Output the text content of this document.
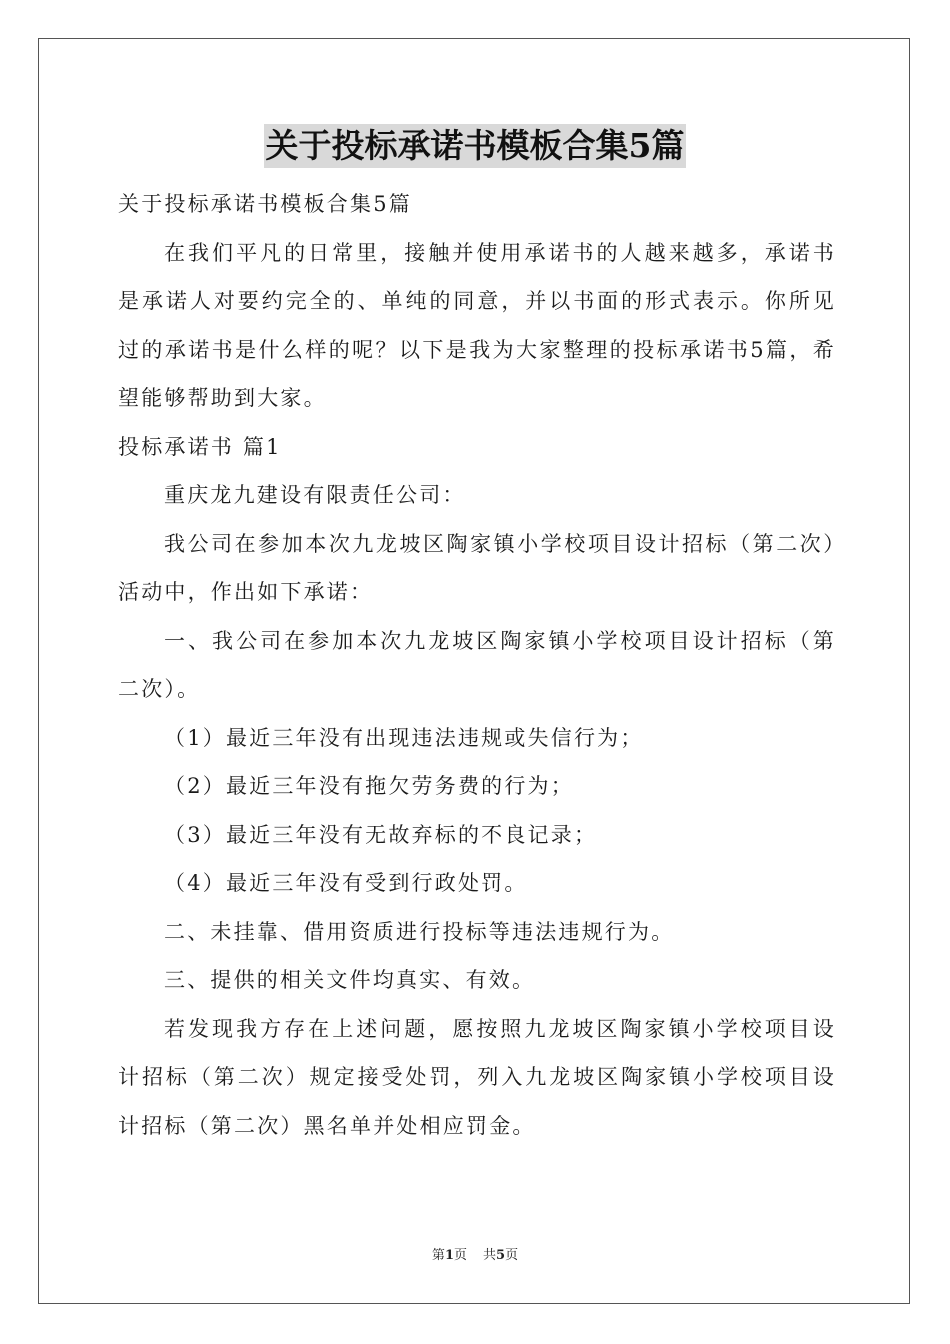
关于投标承诺书模板合集5篇

关于投标承诺书模板合集5篇

在我们平凡的日常里，接触并使用承诺书的人越来越多，承诺书是承诺人对要约完全的、单纯的同意，并以书面的形式表示。你所见过的承诺书是什么样的呢？以下是我为大家整理的投标承诺书5篇，希望能够帮助到大家。

投标承诺书 篇1

重庆龙九建设有限责任公司：

我公司在参加本次九龙坡区陶家镇小学校项目设计招标（第二次）活动中，作出如下承诺：

一、我公司在参加本次九龙坡区陶家镇小学校项目设计招标（第二次）。

（1）最近三年没有出现违法违规或失信行为；

（2）最近三年没有拖欠劳务费的行为；

（3）最近三年没有无故弃标的不良记录；

（4）最近三年没有受到行政处罚。

二、未挂靠、借用资质进行投标等违法违规行为。

三、提供的相关文件均真实、有效。

若发现我方存在上述问题，愿按照九龙坡区陶家镇小学校项目设计招标（第二次）规定接受处罚，列入九龙坡区陶家镇小学校项目设计招标（第二次）黑名单并处相应罚金。

第1页 共5页
